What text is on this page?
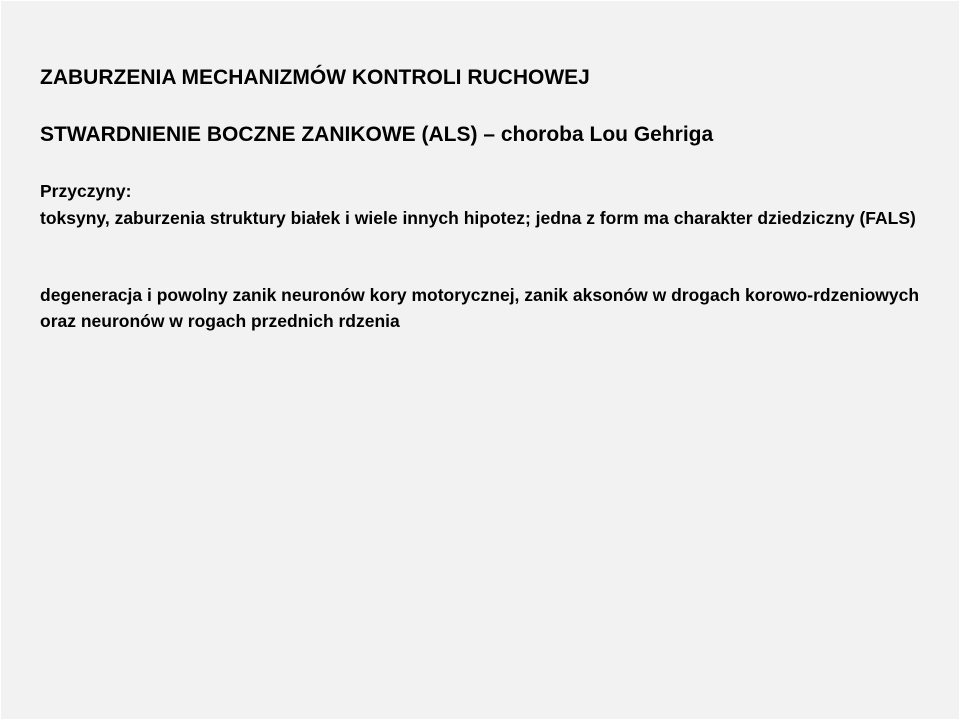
ZABURZENIA MECHANIZMÓW KONTROLI RUCHOWEJ
STWARDNIENIE BOCZNE ZANIKOWE (ALS) – choroba Lou Gehriga

Przyczyny:

toksyny, zaburzenia struktury białek i wiele innych hipotez; jedna z form ma charakter dziedziczny (FALS)

degeneracja i powolny zanik neuronów kory motorycznej, zanik aksonów w drogach korowo-rdzeniowych oraz neuronów w rogach przednich rdzenia
